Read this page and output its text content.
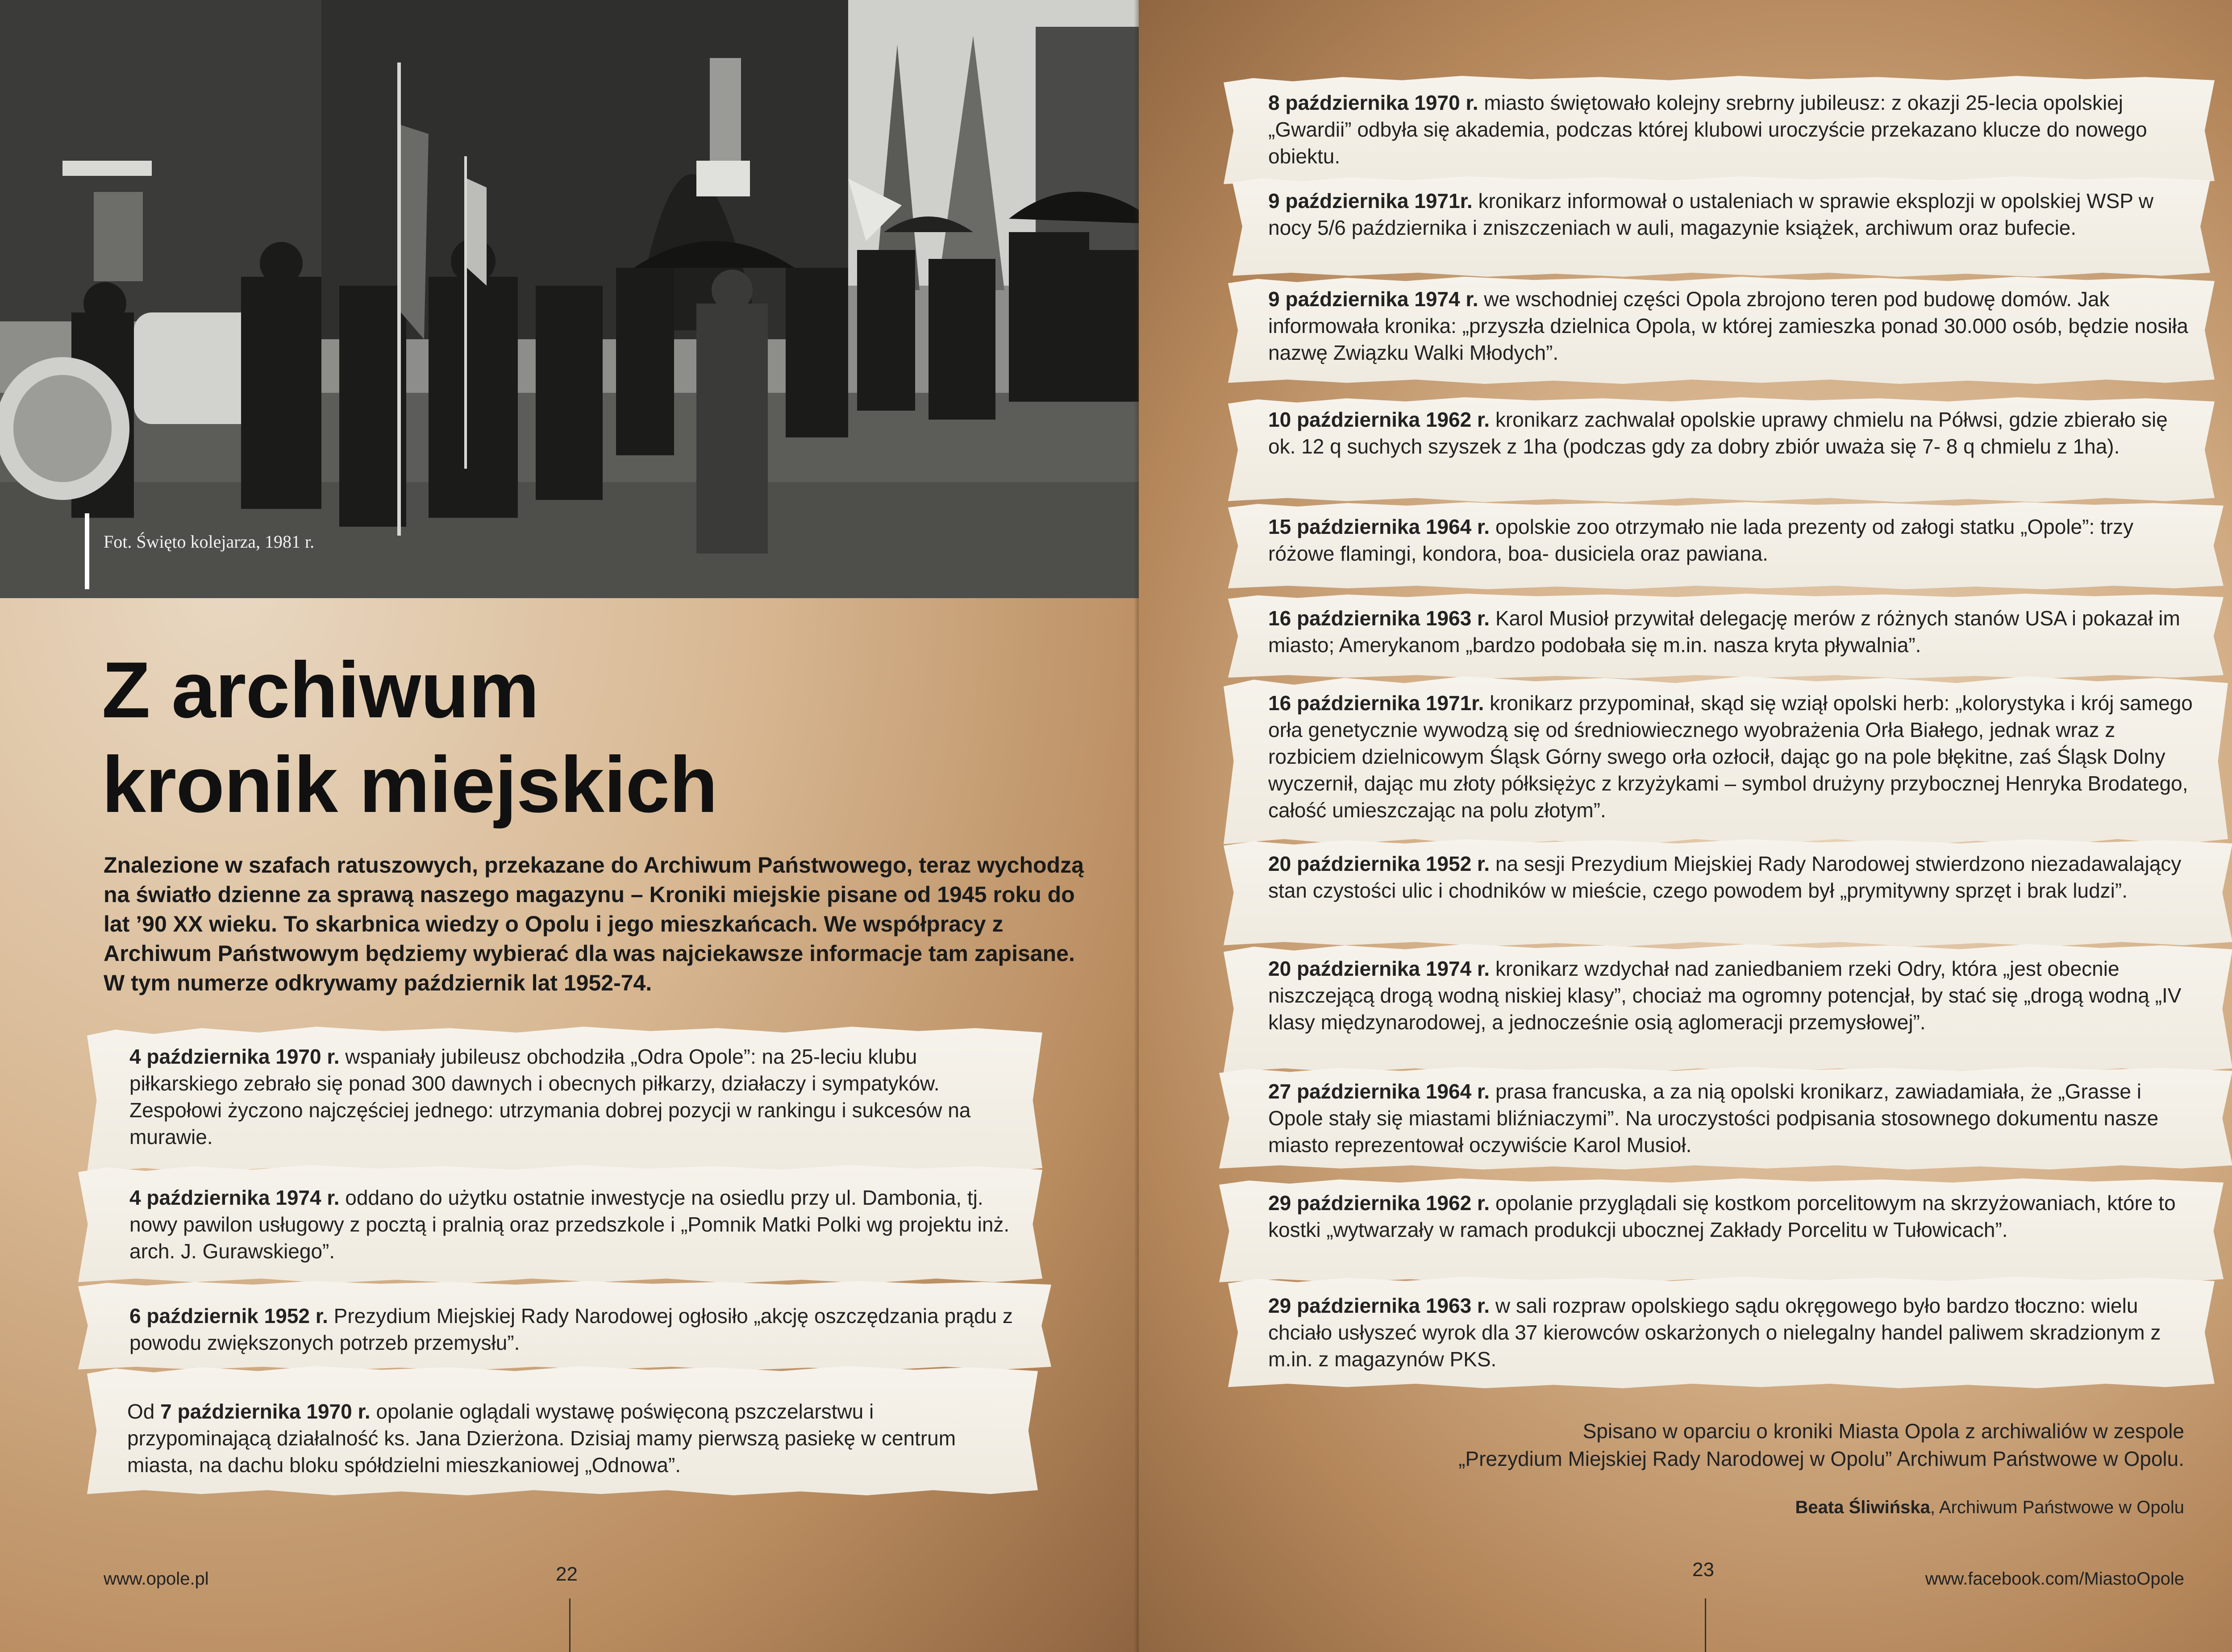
Fot. Święto kolejarza, 1981 r.
Z archiwum
kronik miejskich
Znalezione w szafach ratuszowych, przekazane do Archiwum Państwowego, teraz wychodzą na światło dzienne za sprawą naszego magazynu – Kroniki miejskie pisane od 1945 roku do lat ’90 XX wieku. To skarbnica wiedzy o Opolu i jego mieszkańcach. We współpracy z Archiwum Państwowym będziemy wybierać dla was najciekawsze informacje tam zapisane. W tym numerze odkrywamy październik lat 1952-74.
4 października 1970 r. wspaniały jubileusz obchodziła „Odra Opole”: na 25-leciu klubu piłkarskiego zebrało się ponad 300 dawnych i obecnych piłkarzy, działaczy i sympatyków. Zespołowi życzono najczęściej jednego: utrzymania dobrej pozycji w rankingu i sukcesów na murawie.
4 października 1974 r. oddano do użytku ostatnie inwestycje na osiedlu przy ul. Dambonia, tj. nowy pawilon usługowy z pocztą i pralnią oraz przedszkole i „Pomnik Matki Polki wg projektu inż. arch. J. Gurawskiego”.
6 październik 1952 r. Prezydium Miejskiej Rady Narodowej ogłosiło „akcję oszczędzania prądu z powodu zwiększonych potrzeb przemysłu”.
Od 7 października 1970 r. opolanie oglądali wystawę poświęconą pszczelarstwu i przypominającą działalność ks. Jana Dzierżona. Dzisiaj mamy pierwszą pasiekę w centrum miasta, na dachu bloku spółdzielni mieszkaniowej „Odnowa”.
www.opole.pl	22
8 października 1970 r. miasto świętowało kolejny srebrny jubileusz: z okazji 25-lecia opolskiej „Gwardii” odbyła się akademia, podczas której klubowi uroczyście przekazano klucze do nowego obiektu.
9 października 1971r. kronikarz informował o ustaleniach w sprawie eksplozji w opolskiej WSP w nocy 5/6 października i zniszczeniach w auli, magazynie książek, archiwum oraz bufecie.
9 października 1974 r. we wschodniej części Opola zbrojono teren pod budowę domów. Jak informowała kronika: „przyszła dzielnica Opola, w której zamieszka ponad 30.000 osób, będzie nosiła nazwę Związku Walki Młodych”.
10 października 1962 r. kronikarz zachwalał opolskie uprawy chmielu na Półwsi, gdzie zbierało się ok. 12 q suchych szyszek z 1ha (podczas gdy za dobry zbiór uważa się 7- 8 q chmielu z 1ha).
15 października 1964 r. opolskie zoo otrzymało nie lada prezenty od załogi statku „Opole”: trzy różowe flamingi, kondora, boa- dusiciela oraz pawiana.
16 października 1963 r. Karol Musioł przywitał delegację merów z różnych stanów USA i pokazał im miasto; Amerykanom „bardzo podobała się m.in. nasza kryta pływalnia”.
16 października 1971r. kronikarz przypominał, skąd się wziął opolski herb: „kolorystyka i krój samego orła genetycznie wywodzą się od średniowiecznego wyobrażenia Orła Białego, jednak wraz z rozbiciem dzielnicowym Śląsk Górny swego orła ozłocił, dając go na pole błękitne, zaś Śląsk Dolny wyczernił, dając mu złoty półksiężyc z krzyżykami – symbol drużyny przybocznej Henryka Brodatego, całość umieszczając na polu złotym”.
20 października 1952 r. na sesji Prezydium Miejskiej Rady Narodowej stwierdzono niezadawalający stan czystości ulic i chodników w mieście, czego powodem był „prymitywny sprzęt i brak ludzi”.
20 października 1974 r. kronikarz wzdychał nad zaniedbaniem rzeki Odry, która „jest obecnie niszczejącą drogą wodną niskiej klasy”, chociaż ma ogromny potencjał, by stać się „drogą wodną „IV klasy międzynarodowej, a jednocześnie osią aglomeracji przemysłowej”.
27 października 1964 r. prasa francuska, a za nią opolski kronikarz, zawiadamiała, że „Grasse i Opole stały się miastami bliźniaczymi”. Na uroczystości podpisania stosownego dokumentu nasze miasto reprezentował oczywiście Karol Musioł.
29 października 1962 r. opolanie przyglądali się kostkom porcelitowym na skrzyżowaniach, które to kostki „wytwarzały w ramach produkcji ubocznej Zakłady Porcelitu w Tułowicach”.
29 października 1963 r. w sali rozpraw opolskiego sądu okręgowego było bardzo tłoczno: wielu chciało usłyszeć wyrok dla 37 kierowców oskarżonych o nielegalny handel paliwem skradzionym z m.in. z magazynów PKS.
Spisano w oparciu o kroniki Miasta Opola z archiwaliów w zespole
„Prezydium Miejskiej Rady Narodowej w Opolu” Archiwum Państwowe w Opolu.
Beata Śliwińska, Archiwum Państwowe w Opolu
23	www.facebook.com/MiastoOpole
